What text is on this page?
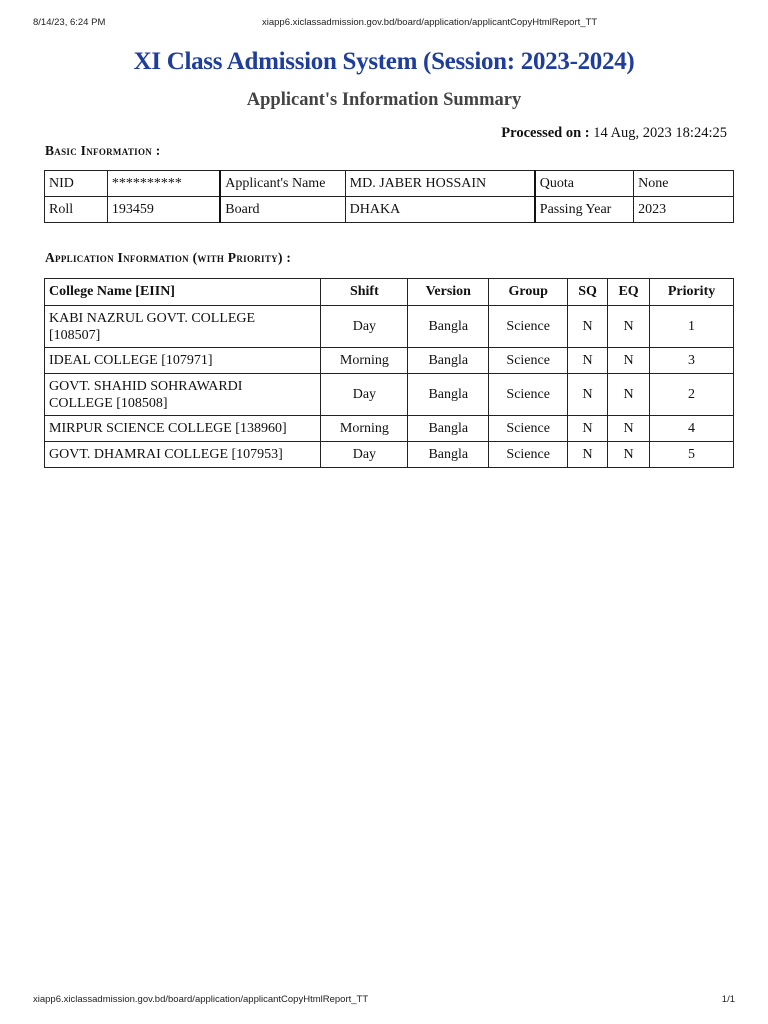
8/14/23, 6:24 PM	xiapp6.xiclassadmission.gov.bd/board/application/applicantCopyHtmlReport_TT
XI Class Admission System (Session: 2023-2024)
Applicant's Information Summary
Processed on : 14 Aug, 2023 18:24:25
Basic Information :
NID	**********	Applicant's Name	MD. JABER HOSSAIN	Quota	None
Roll	193459	Board	DHAKA	Passing Year	2023
Application Information (with Priority) :
College Name [EIIN]	Shift	Version	Group	SQ	EQ	Priority

KABI NAZRUL GOVT. COLLEGE
[108507]	Day	Bangla	Science	N	N	1
IDEAL COLLEGE [107971]	Morning	Bangla	Science	N	N	3

GOVT. SHAHID SOHRAWARDI
COLLEGE [108508]	Day	Bangla	Science	N	N	2
MIRPUR SCIENCE COLLEGE [138960]	Morning	Bangla	Science	N	N	4
GOVT. DHAMRAI COLLEGE [107953]	Day	Bangla	Science	N	N	5
xiapp6.xiclassadmission.gov.bd/board/application/applicantCopyHtmlReport_TT	1/1
